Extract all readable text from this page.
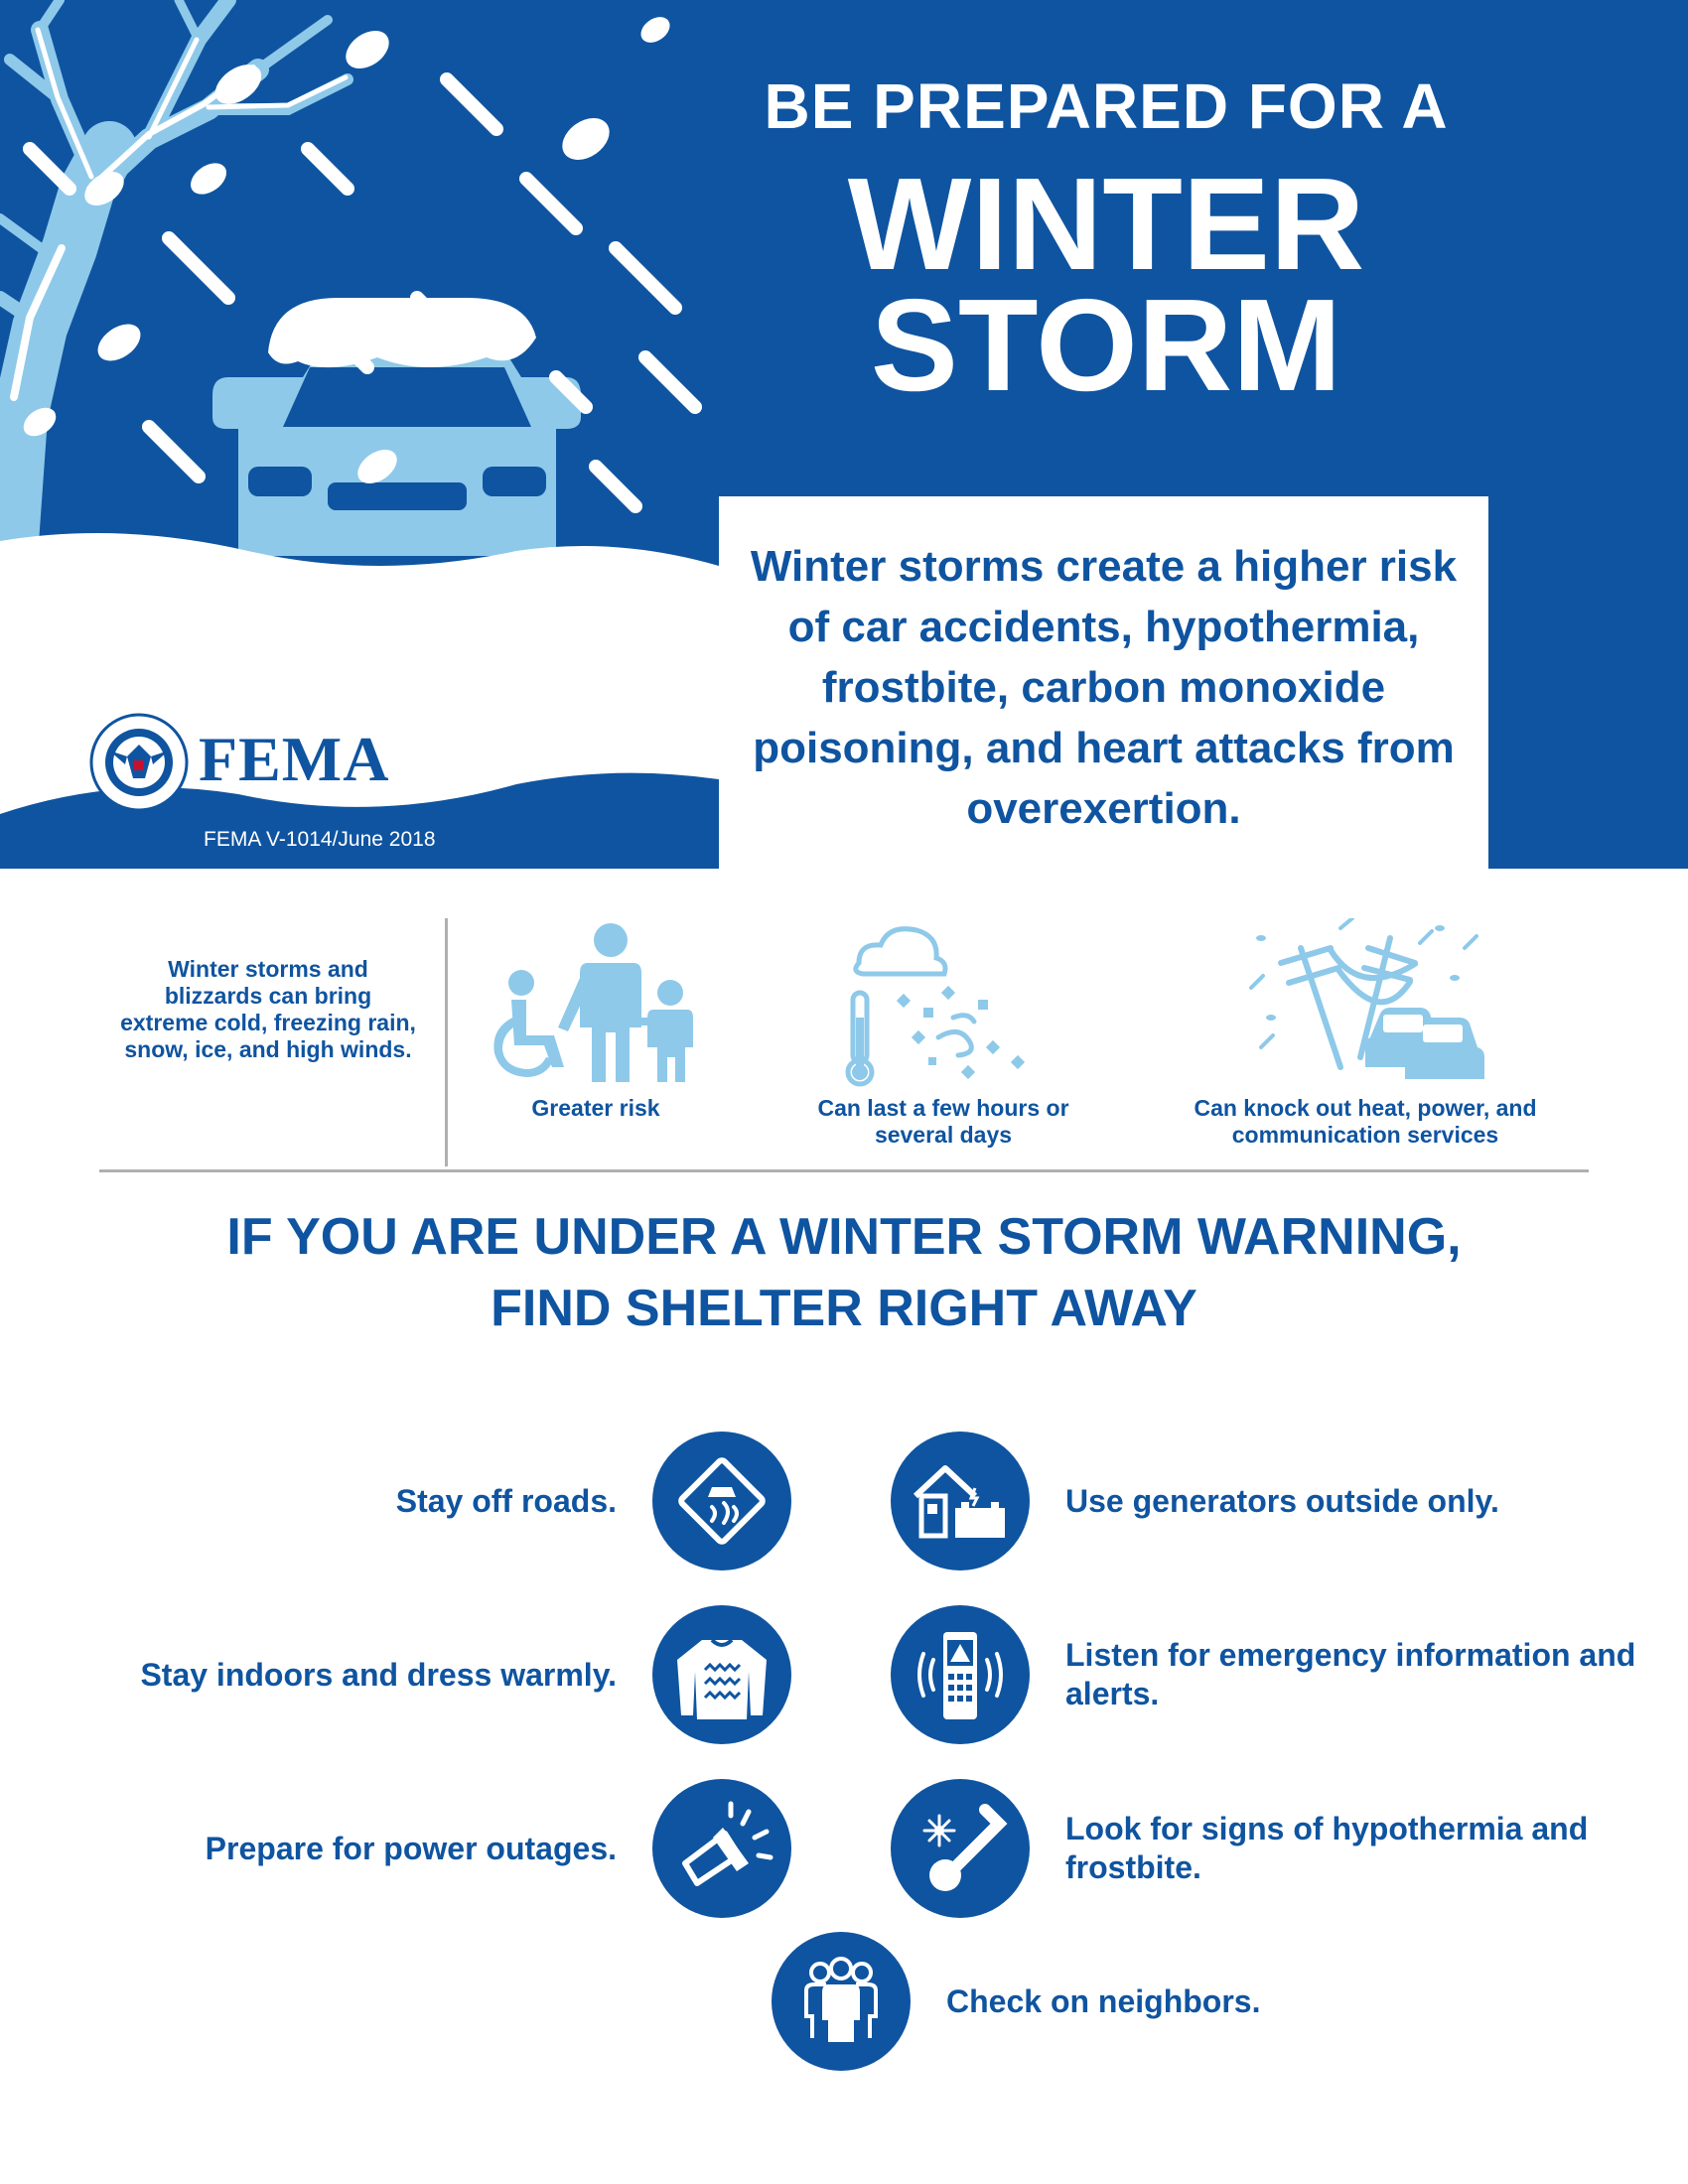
BE PREPARED FOR A
WINTER
STORM

Winter storms create a higher risk of car accidents, hypothermia, frostbite, carbon monoxide poisoning, and heart attacks from overexertion.

FEMA
FEMA V-1014/June 2018
Winter storms and blizzards can bring extreme cold, freezing rain, snow, ice, and high winds.
Greater risk	Can last a few hours or several days
Can knock out heat, power, and communication services
IF YOU ARE UNDER A WINTER STORM WARNING,
FIND SHELTER RIGHT AWAY
Stay off roads.
Stay indoors and dress warmly.
Prepare for power outages.
Use generators outside only.
Listen for emergency information and alerts.
Look for signs of hypothermia and frostbite.
Check on neighbors.
